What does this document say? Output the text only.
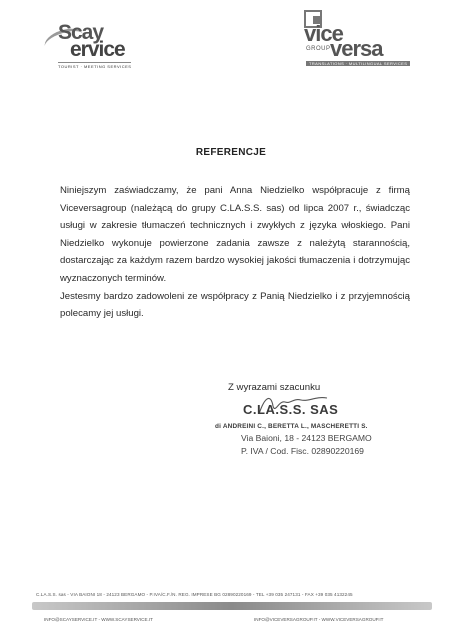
Scay
ervice
TOURIST · MEETING SERVICES
vice
GROUP versa
TRANSLATIONS · MULTILINGUAL SERVICES
REFERENCJE

Niniejszym zaświadczamy, że pani Anna Niedzielko współpracuje z firmą Viceversagroup (należącą do grupy C.LA.S.S. sas) od lipca 2007 r., świadcząc usługi w zakresie tłumaczeń technicznych i zwykłych z języka włoskiego. Pani Niedzielko wykonuje powierzone zadania zawsze z należytą starannością, dostarczając za każdym razem bardzo wysokiej jakości tłumaczenia i dotrzymując wyznaczonych terminów.

Jestesmy bardzo zadowoleni ze współpracy z Panią Niedzielko i z przyjemnością polecamy jej usługi.

Z wyrazami szacunku
C.LA.S.S. SAS
di ANDREINI C., BERETTA L., MASCHERETTI S.
Via Baioni, 18 - 24123 BERGAMO
P. IVA / Cod. Fisc. 02890220169
C.LA.S.S. sas - VIA BAIONI 18 - 24123 BERGAMO - P.IVA/C.F./N. REG. IMPRESE BG 02890220169 - TEL +39 035 247131 - FAX +39 035 4132245
INFO@SCAYSERVICE.IT - WWW.SCAYSERVICE.IT	INFO@VICEVERSAGROUP.IT - WWW.VICEVERSAGROUP.IT
